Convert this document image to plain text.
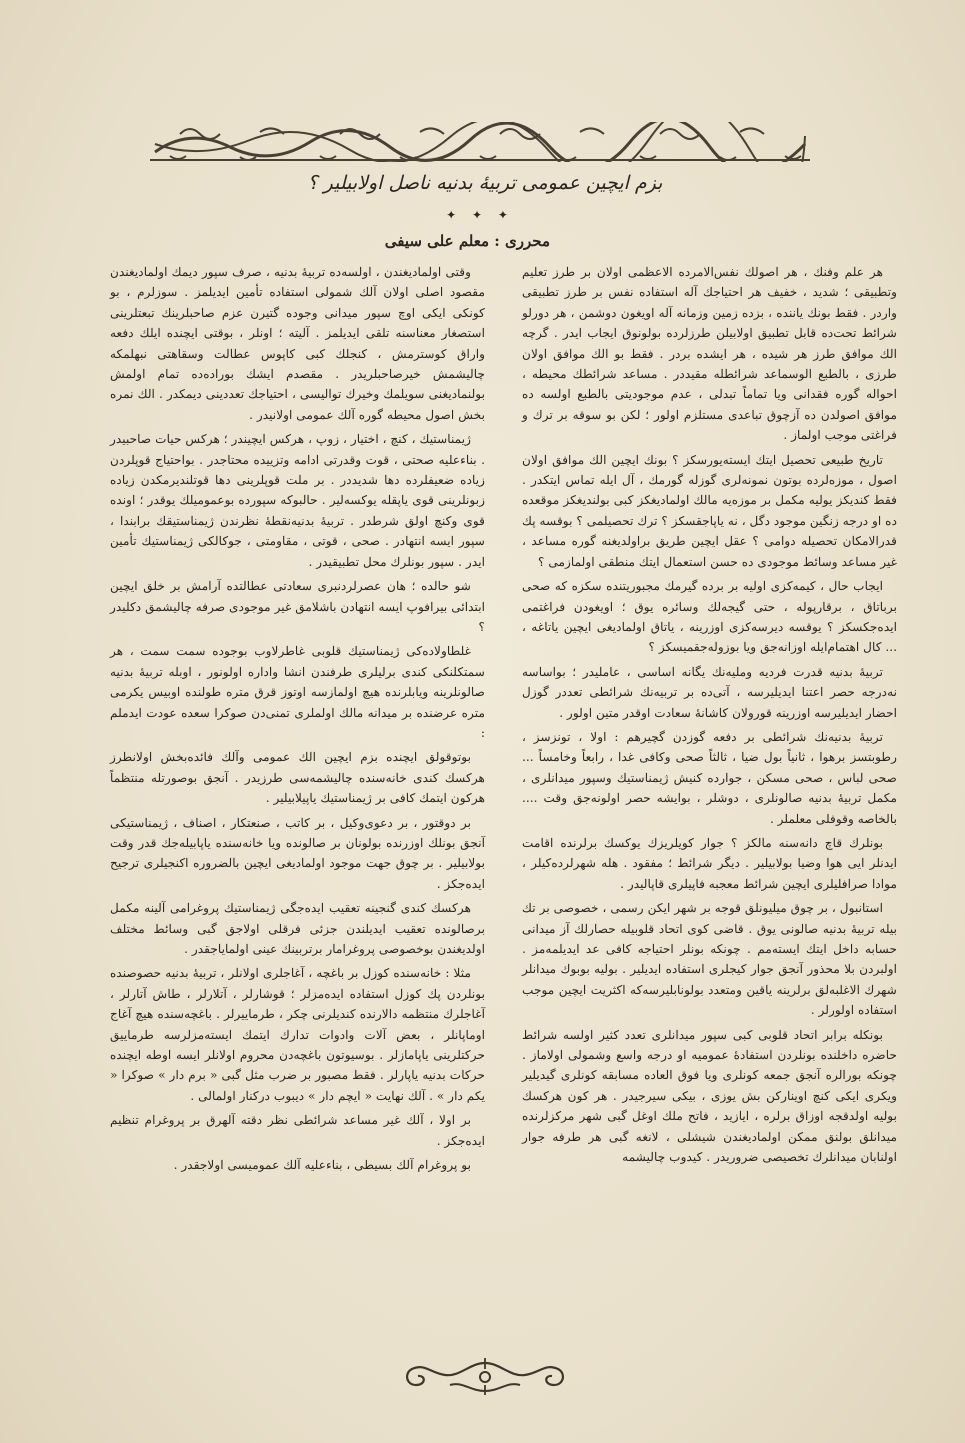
بزم ایچین عمومی تربیهٔ بدنیه ناصل اولابیلیر ؟
✦ ✦ ✦
محرری : معلم علی سیفی

هر علم وفنك ، هر اصولك نفس‌الامرده الاعظمی اولان بر طرز تعلیم وتطبیقی ؛ شدید ، خفیف هر احتیاجك آله استفاده نفس بر طرز تطبیقی واردر . فقط بونك یاننده ، بزده زمین وزمانه آله اویغون دوشمن ، هر دورلو شرائط تحت‌ده قابل تطبیق اولابیلن طرزلرده بولونوق ایجاب ایدر . گرچه الك موافق طرز هر شیده ، هر ایشده بردر . فقط بو الك موافق اولان طرزی ، بالطبع الوسماعد شرائطله مقیددر . مساعد شرائطك محیطه ، احواله گوره فقدانی ویا تماماً تبدلی ، عدم موجودیتی بالطبع اولسه ده موافق اصولدن ده آزچوق تباعدی مستلزم اولور ؛ لکن بو سوقه بر ترك و فراغتی موجب اولماز .

تاریخ طبیعی تحصیل ایتك ایسته‌یورسکز ؟ بونك ایچین الك موافق اولان اصول ، موزه‌لرده بوتون نمونه‌لری گوزله گورمك ، آل ایله تماس ایتكدر . فقط كندیکز یولیه مکمل بر موزه‌یه مالك اولمادیغکز کبی بولندیغکز موقعده ده او درجه زنگین موجود دگل ، نه یاپاجقسکز ؟ ترك تحصیلمی ؟ بوقسه پك قدرالامکان تحصیله دوامی ؟ عقل ایچین طریق براولدیغنه گوره مساعد ، غیر مساعد وسائط موجودی ده حسن استعمال ایتك منطقی اولمازمی ؟

ایجاب حال ، کیمه‌کزی اولیه بر برده گیرمك مجبوریتنده سکزه كه صحی برباتاق ، برقارپوله ، حتی گیجه‌لك وسائره یوق ؛ اویغودن فراغتمی ایده‌جکسکز ؟ یوقسه دیرسه‌کزی اوزرینه ، یاتاق اولمادیغی ایچین یاتاغه ، ... کال اهتمام‌ایله اوزانه‌جق ویا بوزوله‌جقمیسکز ؟

تربیهٔ بدنیه قدرت فردیه وملیه‌نك یگانه اساسی ، عاملیدر ؛ بواساسه نه‌درجه حصر اعتنا ایدیلیرسه ، آتی‌ده بر تربیه‌نك شرائطی تعددر گوزل احضار ایدیلیرسه اوزرینه قورولان کاشانهٔ سعادت اوقدر متین اولور .

تربیهٔ بدنیه‌نك شرائطی بر دفعه گوزدن گچیرهم : اولا ، تونزسز ، رطوبتسز برهوا ، ثانیاً بول ضیا ، ثالثاً صحی وکافی غدا ، رابعاً وخامساً ... صحی لباس ، صحی مسکن ، جوارده کنیش ژیمناستیك وسپور میدانلری ، مکمل تربیهٔ بدنیه صالونلری ، دوشلر ، بوایشه حصر اولونه‌جق وقت .... بالخاصه وقوفلی معلملر .

بونلرك قاچ دانه‌سنه مالکز ؟ جوار كویلریزك یوكسك برلرنده اقامت ایدنلر ایی هوا وضیا بولابیلیر . دیگر شرائط ؛ مفقود . هله شهرلرده‌کیلر ، موادا صرافلیلری ایچین شرائط معجبه فاپیلری قاپالیدر .

استانبول ، بر چوق میلیونلق قوجه بر شهر ایکن رسمی ، خصوصی بر تك بیله تربیهٔ بدنیه صالونی یوق . قاضی كوی اتحاد قلوبیله حصارلك آز میدانی حسابه داخل ایتك ایسته‌مم . چونکه بونلر احتیاجه کافی عد ایدیلمه‌مز . اولبردن بلا محذور آنجق جوار کیجلری استفاده ایدیلیر . بولیه بوبوك میدانلر شهرك الاغلبه‌لق برلرینه یاقین ومتعدد بولونابلیرسه‌که اکثریت ایچین موجب استفاده اولورلر .

بونکله برابر اتحاد قلوبی کبی سپور میدانلری تعدد کثیر اولسه شرائط حاضره داخلنده بونلردن استفادهٔ عمومیه او درجه واسع وشمولی اولاماز . چونکه بورالره آنجق جمعه کونلری ویا فوق العاده مسابقه کونلری گیدیلیر ویکری ایکی کنچ اوینارکن بش یوزی ، بیکی سیرجیدر . هر کون هرکسك بولیه اولدقجه اوزاق برلره ، ایازید ، فاتح ملك اوغل گبی شهر مرکزلرنده میدانلق بولنق ممکن اولمادیغندن شیشلی ، لانغه گبی هر طرفه جوار اولنابان میدانلرك تخصیصی ضروریدر . کیدوب چالیشمه

وقتی اولمادیغندن ، اولسه‌ده تربیهٔ بدنیه ، صرف سپور دیمك اولمادیغندن مقصود اصلی اولان آلك شمولی استفاده تأمین ایدیلمز . سوزلرم ، بو كونكی ایكی اوچ سپور میدانی وجوده گتیرن عزم صاحبلرینك تبعتلرینی استصغار معناسنه تلقی ایدیلمز . آلیته ؛ اونلر ، بوقتی ایچنده ایلك دفعه واراق كوسترمش ، كنجلك كبی كاپوس عطالت وسقاهتی نبهلمكه چالیشمش خیرصاحبلریدر . مقصدم ایشك بوراده‌ده تمام اولمش بولنمادیغنی سویلمك وخیرك توالیسی ، احتیاجك تعددینی دیمكدر . الك نمره بخش اصول محیطه گوره آلك عمومی اولانیدر .

ژیمناستیك ، کنچ ، اختیار ، زوپ ، هرکس ایچیندر ؛ هرکس حیات صاحبیدر . بناءعلیه صحتی ، قوت وقدرتی ادامه وتزییده محتاجدر . بواحتیاج قوپلردن زیاده ضعیفلرده دها شدیددر . بر ملت قوپلرینی دها قوتلندیرمکدن زیاده زبونلرینی قوی یاپقله یوکسه‌لیر . حالبوکه سپورده بوعمومیلك یوقدر ؛ اونده قوی وکنچ اولق شرطدر . تربیهٔ بدنیه‌نقطهٔ نظرندن ژیمناستیقك برابندا ، سپور ایسه انتهادر . صحی ، قوتی ، مقاومتی ، جوکالکی ژیمناستیك تأمین ایدر . سپور بونلرك محل تطبیقیدر .

شو حالده ؛ هان عصرلردنبری سعادتی عطالتده آرامش بر خلق ایچین ابتدائی بیرافوپ ایسه انتهادن باشلامق غیر موجودی صرفه چالیشمق دکلیدر ؟

غلطاولاده‌کی ژیمناستیك قلوبی غاطرلاوب بوجوده سمت سمت ، هر سمتکلنکی كندی برلیلری طرفندن انشا واداره اولونور ، اوبله تربیهٔ بدنیه صالونلرینه ویابلرنده هیچ اولمازسه اوتوز قرق متره طولنده اوبیس یکرمی متره عرضنده بر میدانه مالك اولملری تمنی‌دن صوکرا سعده عودت ایدملم :

بوتوقولق ایچنده بزم ایچین الك عمومی وآلك فائده‌بخش اولانطرز هرکسك كندی خانه‌سنده چالیشمه‌سی طرزیدر . آنجق بوصورتله منتظماً هرکون ایتمك کافی بر ژیمناستیك یاپیلابیلیر .

بر دوقتور ، بر دعوی‌وكیل ، بر كاتب ، صنعتکار ، اصناف ، ژیمناستیکی آنجق بونلك اوزرنده بولونان بر صالونده ویا خانه‌سنده یاپابیله‌جك قدر وقت بولابیلیر . بر چوق جهت موجود اولمادیغی ایچین بالضروره اکنجیلری ترجیح ایده‌جکز .

هرکسك كندی گنجینه تعقیب ایده‌جگی ژیمناستیك پروغرامی آلینه مکمل برصالونده تعقیب ایدیلندن جزئی فرقلی اولاجق گبی وسائط مختلف اولدیغندن بوخصوصی پروغرامار برتربینك عینی اولمایاجقدر .

مثلا : خانه‌سنده کوزل بر باغچه ، آغاجلری اولانلر ، تربیهٔ بدنیه حصوصنده بونلردن پك کوزل استفاده ایده‌مزلر ؛ قوشارلر ، آتلارلر ، طاش آتارلر ، آغاجلرك منتظمه دالارنده كندیلرنی چکر ، طرماییرلر . باغچه‌سنده هیچ آغاج اوماپانلر ، بعض آلات وادوات تدارك ایتمك ایسته‌مزلرسه طرماییق حرکتلرینی یاپامازلر . بوسیوتون باغچه‌دن محروم اولانلر ایسه اوطه ایچنده حرکات بدنیه یاپارلر . فقط مصبور بر ضرب مثل گبی « برم دار » صوکرا « یکم دار » . آلك نهایت « ایچم دار » دیبوب درکنار اولمالی .

بر اولا ، آلك غیر مساعد شرائطی نظر دقته آلهرق بر پروغرام تنظیم ایده‌جکز .

بو پروغرام آلك بسیطی ، بناءعلیه آلك عمومیسی اولاجقدر .
